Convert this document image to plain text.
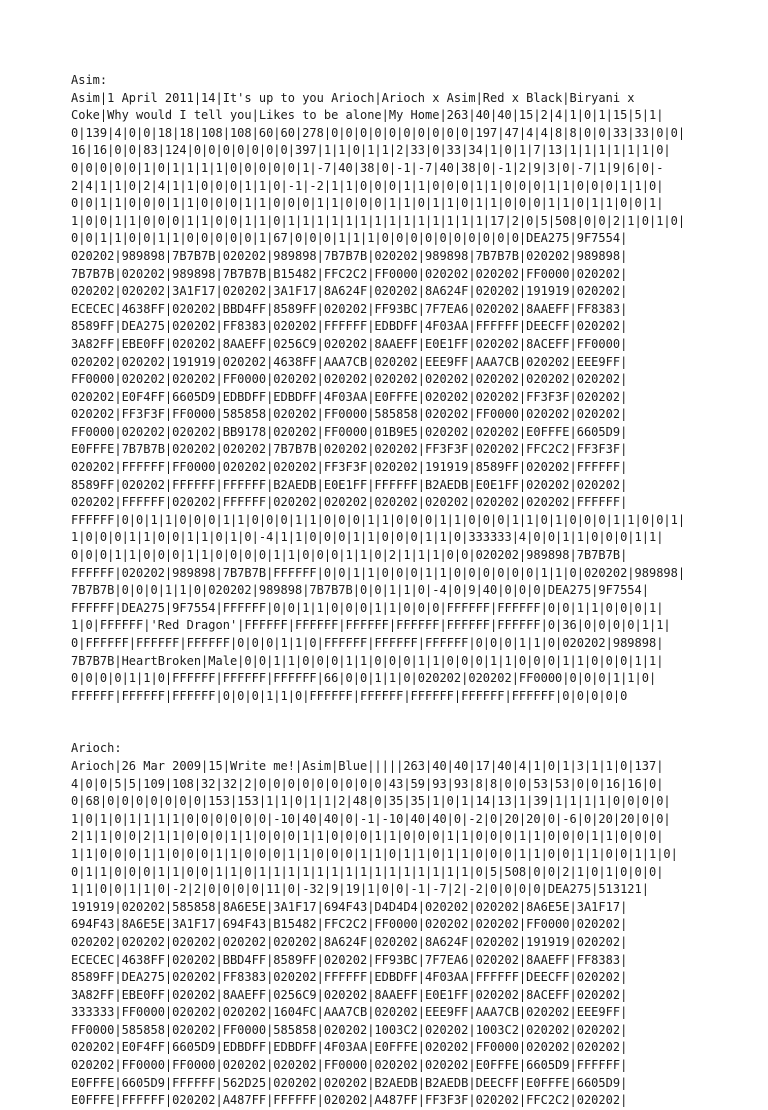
Asim:
Asim|1 April 2011|14|It's up to you Arioch|Arioch x Asim|Red x Black|Biryani x
Coke|Why would I tell you|Likes to be alone|My Home|263|40|40|15|2|4|1|0|1|15|5|1|
0|139|4|0|0|18|18|108|108|60|60|278|0|0|0|0|0|0|0|0|0|0|197|47|4|4|8|8|0|0|33|33|0|0|
16|16|0|0|83|124|0|0|0|0|0|0|0|397|1|1|0|1|1|2|33|0|33|34|1|0|1|7|13|1|1|1|1|1|1|0|
0|0|0|0|0|1|0|1|1|1|1|0|0|0|0|0|1|-7|40|38|0|-1|-7|40|38|0|-1|2|9|3|0|-7|1|9|6|0|-
2|4|1|1|0|2|4|1|1|0|0|0|1|1|0|-1|-2|1|1|0|0|0|1|1|0|0|0|1|1|0|0|0|1|1|0|0|0|1|1|0|
0|0|1|1|0|0|0|1|1|0|0|0|1|1|0|0|0|1|1|0|0|0|1|1|0|1|1|0|1|1|0|0|0|1|1|0|1|1|0|0|1|
1|0|0|1|1|0|0|0|1|1|0|0|1|1|0|1|1|1|1|1|1|1|1|1|1|1|1|1|1|17|2|0|5|508|0|0|2|1|0|1|0|
0|0|1|1|0|0|1|1|0|0|0|0|0|1|67|0|0|0|1|1|1|0|0|0|0|0|0|0|0|0|0|DEA275|9F7554|
020202|989898|7B7B7B|020202|989898|7B7B7B|020202|989898|7B7B7B|020202|989898|
7B7B7B|020202|989898|7B7B7B|B15482|FFC2C2|FF0000|020202|020202|FF0000|020202|
020202|020202|3A1F17|020202|3A1F17|8A624F|020202|8A624F|020202|191919|020202|
ECECEC|4638FF|020202|BBD4FF|8589FF|020202|FF93BC|7F7EA6|020202|8AAEFF|FF8383|
8589FF|DEA275|020202|FF8383|020202|FFFFFF|EDBDFF|4F03AA|FFFFFF|DEECFF|020202|
3A82FF|EBE0FF|020202|8AAEFF|0256C9|020202|8AAEFF|E0E1FF|020202|8ACEFF|FF0000|
020202|020202|191919|020202|4638FF|AAA7CB|020202|EEE9FF|AAA7CB|020202|EEE9FF|
FF0000|020202|020202|FF0000|020202|020202|020202|020202|020202|020202|020202|
020202|E0F4FF|6605D9|EDBDFF|EDBDFF|4F03AA|E0FFFE|020202|020202|FF3F3F|020202|
020202|FF3F3F|FF0000|585858|020202|FF0000|585858|020202|FF0000|020202|020202|
FF0000|020202|020202|BB9178|020202|FF0000|01B9E5|020202|020202|E0FFFE|6605D9|
E0FFFE|7B7B7B|020202|020202|7B7B7B|020202|020202|FF3F3F|020202|FFC2C2|FF3F3F|
020202|FFFFFF|FF0000|020202|020202|FF3F3F|020202|191919|8589FF|020202|FFFFFF|
8589FF|020202|FFFFFF|FFFFFF|B2AEDB|E0E1FF|FFFFFF|B2AEDB|E0E1FF|020202|020202|
020202|FFFFFF|020202|FFFFFF|020202|020202|020202|020202|020202|020202|FFFFFF|
FFFFFF|0|0|1|1|0|0|0|1|1|0|0|0|1|1|0|0|0|1|1|0|0|0|1|1|0|0|0|1|1|0|1|0|0|0|1|1|0|0|1|
1|0|0|0|1|1|0|0|1|1|0|1|0|-4|1|1|0|0|0|1|1|0|0|0|1|1|0|333333|4|0|0|1|1|0|0|0|1|1|
0|0|0|1|1|0|0|0|1|1|0|0|0|0|1|1|0|0|0|1|1|0|2|1|1|1|0|0|020202|989898|7B7B7B|
FFFFFF|020202|989898|7B7B7B|FFFFFF|0|0|1|1|0|0|0|1|1|0|0|0|0|0|0|1|1|0|020202|989898|
7B7B7B|0|0|0|1|1|0|020202|989898|7B7B7B|0|0|1|1|0|-4|0|9|40|0|0|0|DEA275|9F7554|
FFFFFF|DEA275|9F7554|FFFFFF|0|0|1|1|0|0|0|1|1|0|0|0|FFFFFF|FFFFFF|0|0|1|1|0|0|0|1|
1|0|FFFFFF|'Red Dragon'|FFFFFF|FFFFFF|FFFFFF|FFFFFF|FFFFFF|FFFFFF|0|36|0|0|0|0|1|1|
0|FFFFFF|FFFFFF|FFFFFF|0|0|0|1|1|0|FFFFFF|FFFFFF|FFFFFF|0|0|0|1|1|0|020202|989898|
7B7B7B|HeartBroken|Male|0|0|1|1|0|0|0|1|1|0|0|0|1|1|0|0|0|1|1|0|0|0|1|1|0|0|0|1|1|
0|0|0|0|1|1|0|FFFFFF|FFFFFF|FFFFFF|66|0|0|1|1|0|020202|020202|FF0000|0|0|0|1|1|0|
FFFFFF|FFFFFF|FFFFFF|0|0|0|1|1|0|FFFFFF|FFFFFF|FFFFFF|FFFFFF|FFFFFF|0|0|0|0|0
Arioch:
Arioch|26 Mar 2009|15|Write me!|Asim|Blue|||||263|40|40|17|40|4|1|0|1|3|1|1|0|137|
4|0|0|5|5|109|108|32|32|2|0|0|0|0|0|0|0|0|0|43|59|93|93|8|8|0|0|53|53|0|0|16|16|0|
0|68|0|0|0|0|0|0|0|153|153|1|1|0|1|1|2|48|0|35|35|1|0|1|14|13|1|39|1|1|1|1|0|0|0|0|
1|0|1|0|1|1|1|1|0|0|0|0|0|0|-10|40|40|0|-1|-10|40|40|0|-2|0|20|20|0|-6|0|20|20|0|0|
2|1|1|0|0|2|1|1|0|0|0|1|1|0|0|0|1|1|0|0|0|1|1|0|0|0|1|1|0|0|0|1|1|0|0|0|1|1|0|0|0|
1|1|0|0|0|1|1|0|0|0|1|1|0|0|0|1|1|0|0|0|1|1|0|1|1|0|1|1|0|0|0|1|1|0|0|1|1|0|0|1|1|0|
0|1|1|0|0|0|1|1|0|0|1|1|0|1|1|1|1|1|1|1|1|1|1|1|1|1|1|1|0|5|508|0|0|2|1|0|1|0|0|0|
1|1|0|0|1|1|0|-2|2|0|0|0|0|11|0|-32|9|19|1|0|0|-1|-7|2|-2|0|0|0|0|DEA275|513121|
191919|020202|585858|8A6E5E|3A1F17|694F43|D4D4D4|020202|020202|8A6E5E|3A1F17|
694F43|8A6E5E|3A1F17|694F43|B15482|FFC2C2|FF0000|020202|020202|FF0000|020202|
020202|020202|020202|020202|020202|8A624F|020202|8A624F|020202|191919|020202|
ECECEC|4638FF|020202|BBD4FF|8589FF|020202|FF93BC|7F7EA6|020202|8AAEFF|FF8383|
8589FF|DEA275|020202|FF8383|020202|FFFFFF|EDBDFF|4F03AA|FFFFFF|DEECFF|020202|
3A82FF|EBE0FF|020202|8AAEFF|0256C9|020202|8AAEFF|E0E1FF|020202|8ACEFF|020202|
333333|FF0000|020202|020202|1604FC|AAA7CB|020202|EEE9FF|AAA7CB|020202|EEE9FF|
FF0000|585858|020202|FF0000|585858|020202|1003C2|020202|1003C2|020202|020202|
020202|E0F4FF|6605D9|EDBDFF|EDBDFF|4F03AA|E0FFFE|020202|FF0000|020202|020202|
020202|FF0000|FF0000|020202|020202|FF0000|020202|020202|E0FFFE|6605D9|FFFFFF|
E0FFFE|6605D9|FFFFFF|562D25|020202|020202|B2AEDB|B2AEDB|DEECFF|E0FFFE|6605D9|
E0FFFE|FFFFFF|020202|A487FF|FFFFFF|020202|A487FF|FF3F3F|020202|FFC2C2|020202|
